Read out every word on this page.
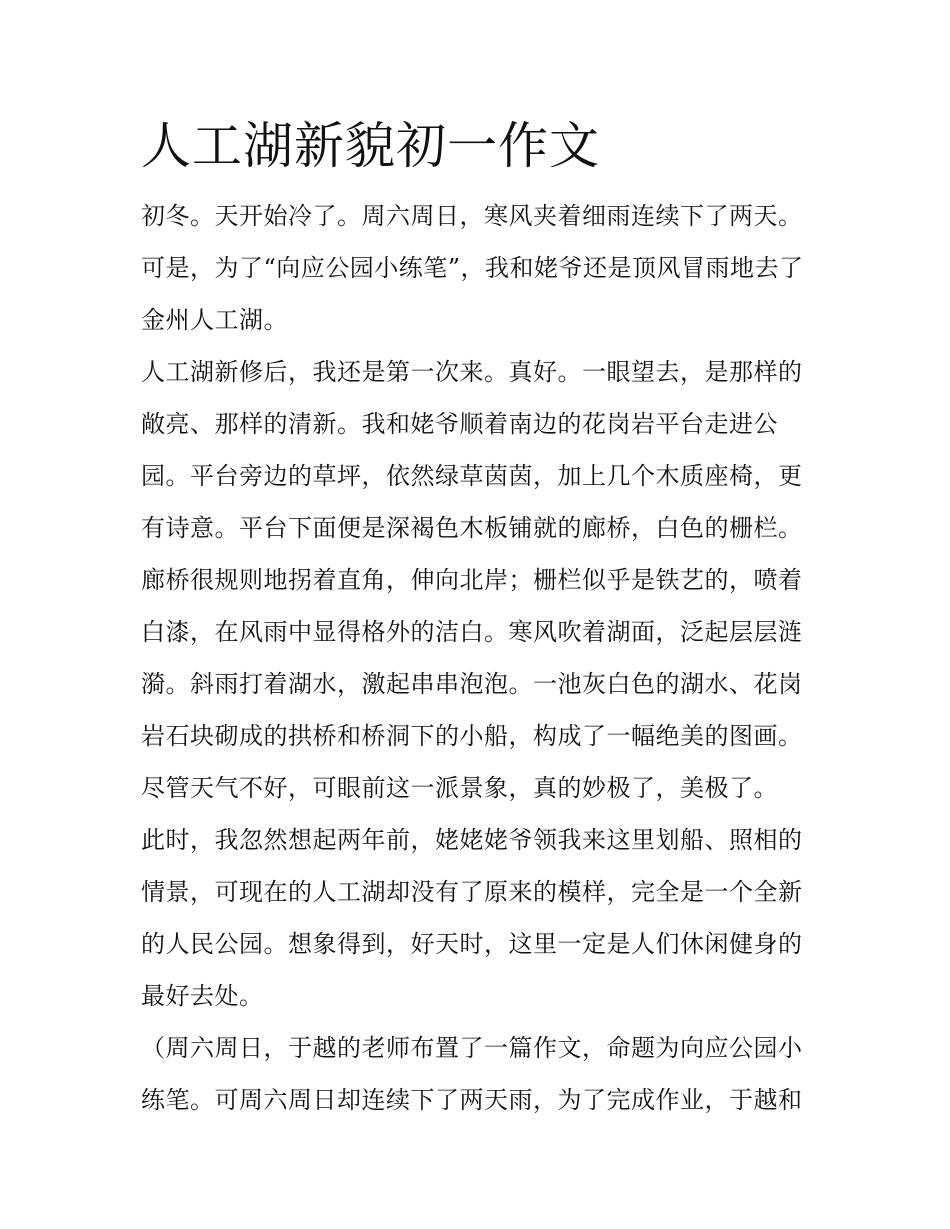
人工湖新貌初一作文
初冬。天开始冷了。周六周日，寒风夹着细雨连续下了两天。
可是，为了“向应公园小练笔”，我和姥爷还是顶风冒雨地去了
金州人工湖。
人工湖新修后，我还是第一次来。真好。一眼望去，是那样的
敞亮、那样的清新。我和姥爷顺着南边的花岗岩平台走进公
园。平台旁边的草坪，依然绿草茵茵，加上几个木质座椅，更
有诗意。平台下面便是深褐色木板铺就的廊桥，白色的栅栏。
廊桥很规则地拐着直角，伸向北岸；栅栏似乎是铁艺的，喷着
白漆，在风雨中显得格外的洁白。寒风吹着湖面，泛起层层涟
漪。斜雨打着湖水，激起串串泡泡。一池灰白色的湖水、花岗
岩石块砌成的拱桥和桥洞下的小船，构成了一幅绝美的图画。
尽管天气不好，可眼前这一派景象，真的妙极了，美极了。
此时，我忽然想起两年前，姥姥姥爷领我来这里划船、照相的
情景，可现在的人工湖却没有了原来的模样，完全是一个全新
的人民公园。想象得到，好天时，这里一定是人们休闲健身的
最好去处。
（周六周日，于越的老师布置了一篇作文，命题为向应公园小
练笔。可周六周日却连续下了两天雨，为了完成作业，于越和
